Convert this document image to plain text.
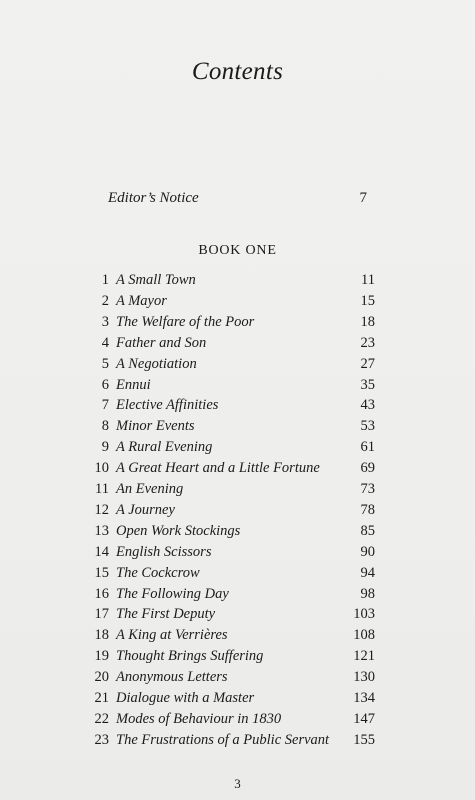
Contents
Editor’s Notice	7
BOOK ONE
1 A Small Town	11
2 A Mayor	15
3 The Welfare of the Poor	18
4 Father and Son	23
5 A Negotiation	27
6 Ennui	35
7 Elective Affinities	43
8 Minor Events	53
9 A Rural Evening	61
10 A Great Heart and a Little Fortune	69
11 An Evening	73
12 A Journey	78
13 Open Work Stockings	85
14 English Scissors	90
15 The Cockcrow	94
16 The Following Day	98
17 The First Deputy	103
18 A King at Verrières	108
19 Thought Brings Suffering	121
20 Anonymous Letters	130
21 Dialogue with a Master	134
22 Modes of Behaviour in 1830	147
23 The Frustrations of a Public Servant 155
3
